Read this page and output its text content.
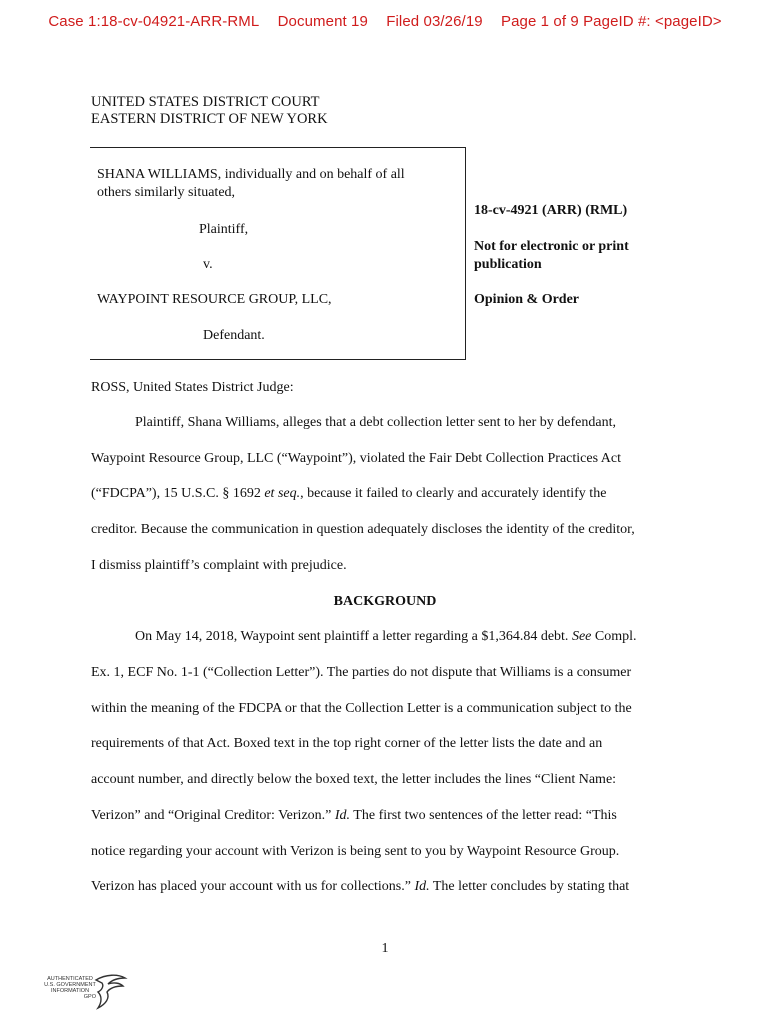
Case 1:18-cv-04921-ARR-RML Document 19 Filed 03/26/19 Page 1 of 9 PageID #: <pageID>
UNITED STATES DISTRICT COURT
EASTERN DISTRICT OF NEW YORK
SHANA WILLIAMS, individually and on behalf of all
others similarly situated,
Plaintiff,
v.
WAYPOINT RESOURCE GROUP, LLC,
Defendant.
18-cv-4921 (ARR) (RML)
Not for electronic or print
publication
Opinion & Order
ROSS, United States District Judge:
Plaintiff, Shana Williams, alleges that a debt collection letter sent to her by defendant,
Waypoint Resource Group, LLC (“Waypoint”), violated the Fair Debt Collection Practices Act
(“FDCPA”), 15 U.S.C. § 1692 et seq., because it failed to clearly and accurately identify the
creditor. Because the communication in question adequately discloses the identity of the creditor,
I dismiss plaintiff’s complaint with prejudice.
BACKGROUND
On May 14, 2018, Waypoint sent plaintiff a letter regarding a $1,364.84 debt. See Compl.
Ex. 1, ECF No. 1-1 (“Collection Letter”). The parties do not dispute that Williams is a consumer
within the meaning of the FDCPA or that the Collection Letter is a communication subject to the
requirements of that Act. Boxed text in the top right corner of the letter lists the date and an
account number, and directly below the boxed text, the letter includes the lines “Client Name:
Verizon” and “Original Creditor: Verizon.” Id. The first two sentences of the letter read: “This
notice regarding your account with Verizon is being sent to you by Waypoint Resource Group.
Verizon has placed your account with us for collections.” Id. The letter concludes by stating that
1
AUTHENTICATED
U.S. GOVERNMENT
INFORMATION
GPO
